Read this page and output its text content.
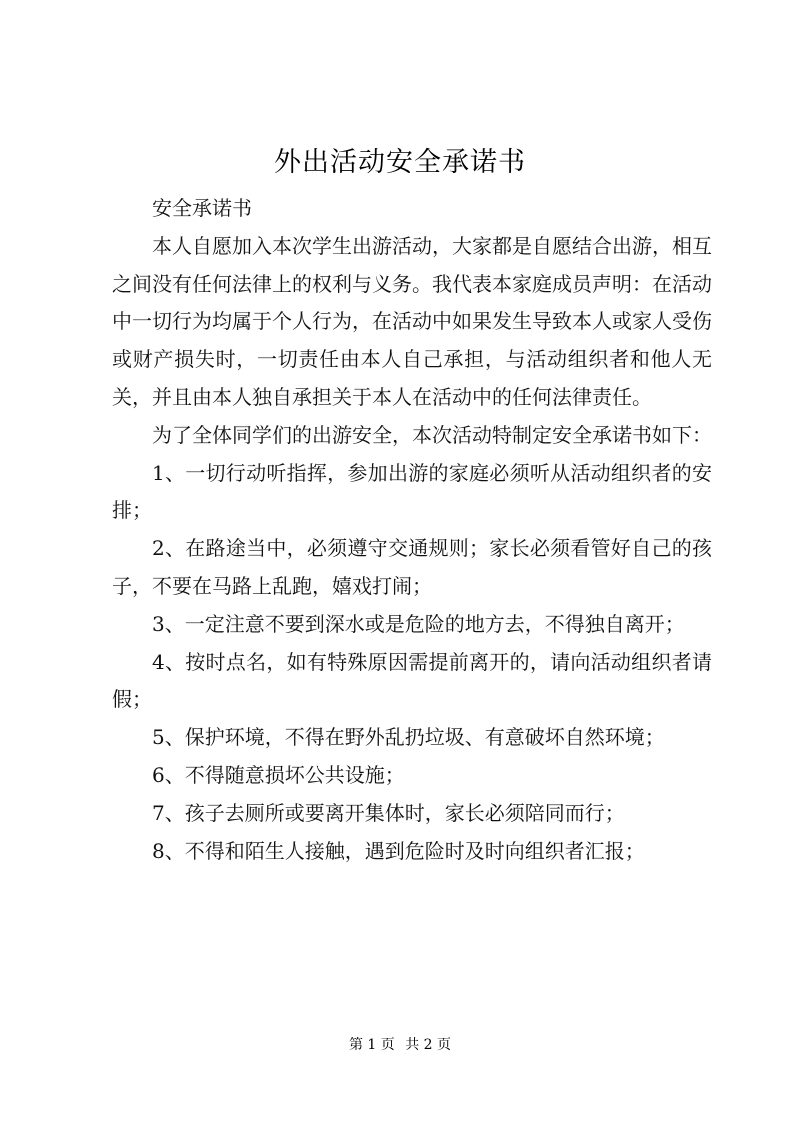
外出活动安全承诺书

安全承诺书

本人自愿加入本次学生出游活动，大家都是自愿结合出游，相互之间没有任何法律上的权利与义务。我代表本家庭成员声明：在活动中一切行为均属于个人行为，在活动中如果发生导致本人或家人受伤或财产损失时，一切责任由本人自己承担，与活动组织者和他人无关，并且由本人独自承担关于本人在活动中的任何法律责任。

为了全体同学们的出游安全，本次活动特制定安全承诺书如下：

1、一切行动听指挥，参加出游的家庭必须听从活动组织者的安排；

2、在路途当中，必须遵守交通规则；家长必须看管好自己的孩子，不要在马路上乱跑，嬉戏打闹；

3、一定注意不要到深水或是危险的地方去，不得独自离开；

4、按时点名，如有特殊原因需提前离开的，请向活动组织者请假；

5、保护环境，不得在野外乱扔垃圾、有意破坏自然环境；

6、不得随意损坏公共设施；

7、孩子去厕所或要离开集体时，家长必须陪同而行；

8、不得和陌生人接触，遇到危险时及时向组织者汇报；

第 1 页 共 2 页
